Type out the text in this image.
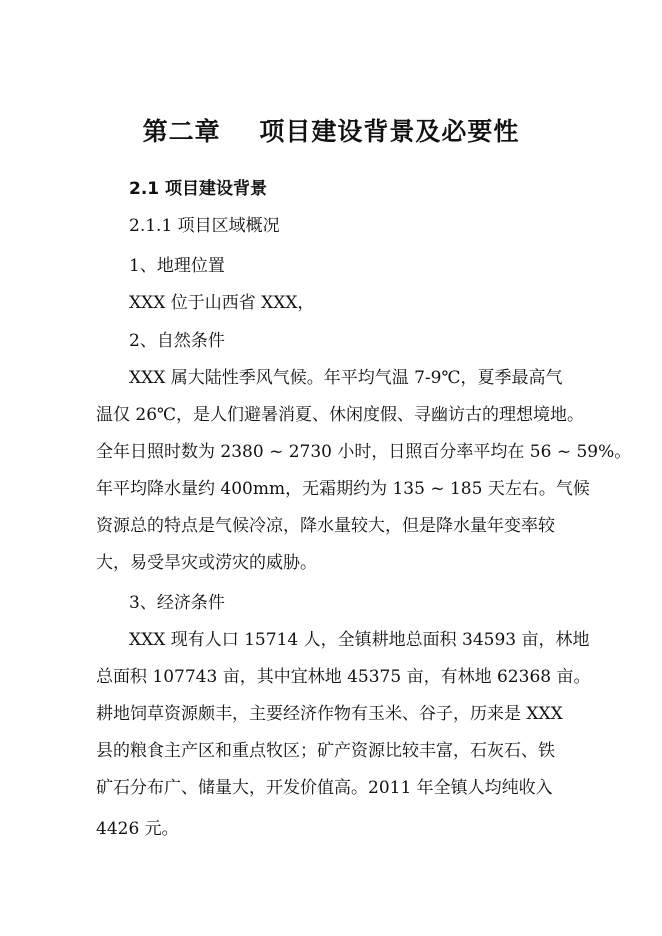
第二章    项目建设背景及必要性
2.1 项目建设背景
2.1.1 项目区域概况
1、地理位置
XXX 位于山西省 XXX，
2、自然条件
XXX 属大陆性季风气候。年平均气温 7-9℃，夏季最高气
温仅 26℃，是人们避暑消夏、休闲度假、寻幽访古的理想境地。
全年日照时数为 2380 ~ 2730 小时，日照百分率平均在 56 ~ 59%。
年平均降水量约 400mm，无霜期约为 135 ~ 185 天左右。气候
资源总的特点是气候冷凉，降水量较大，但是降水量年变率较
大，易受旱灾或涝灾的威胁。
3、经济条件
XXX 现有人口 15714 人，全镇耕地总面积 34593 亩，林地
总面积 107743 亩，其中宜林地 45375 亩，有林地 62368 亩。
耕地饲草资源颇丰，主要经济作物有玉米、谷子，历来是 XXX
县的粮食主产区和重点牧区；矿产资源比较丰富，石灰石、铁
矿石分布广、储量大，开发价值高。2011 年全镇人均纯收入
4426 元。
